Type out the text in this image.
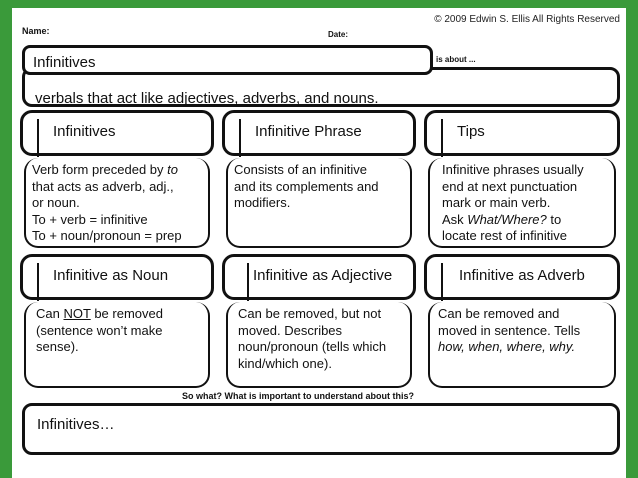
© 2009 Edwin S. Ellis All Rights Reserved
Name:	Date:
verbals that act like adjectives, adverbs, and nouns.
Infinitives	is about ...
Infinitives
Verb form preceded by to
that acts as adverb, adj.,
or noun.
To + verb = infinitive
To + noun/pronoun = prep
Infinitive Phrase
Consists of an infinitive
and its complements and
modifiers.
Tips
Infinitive phrases usually
end at next punctuation
mark or main verb.
Ask What/Where? to
locate rest of infinitive
Infinitive as Noun
Can NOT be removed
(sentence won’t make
sense).
Infinitive as Adjective
Can be removed, but not
moved. Describes
noun/pronoun (tells which
kind/which one).
Infinitive as Adverb
Can be removed and
moved in sentence. Tells
how, when, where, why.
So what? What is important to understand about this?
Infinitives…
